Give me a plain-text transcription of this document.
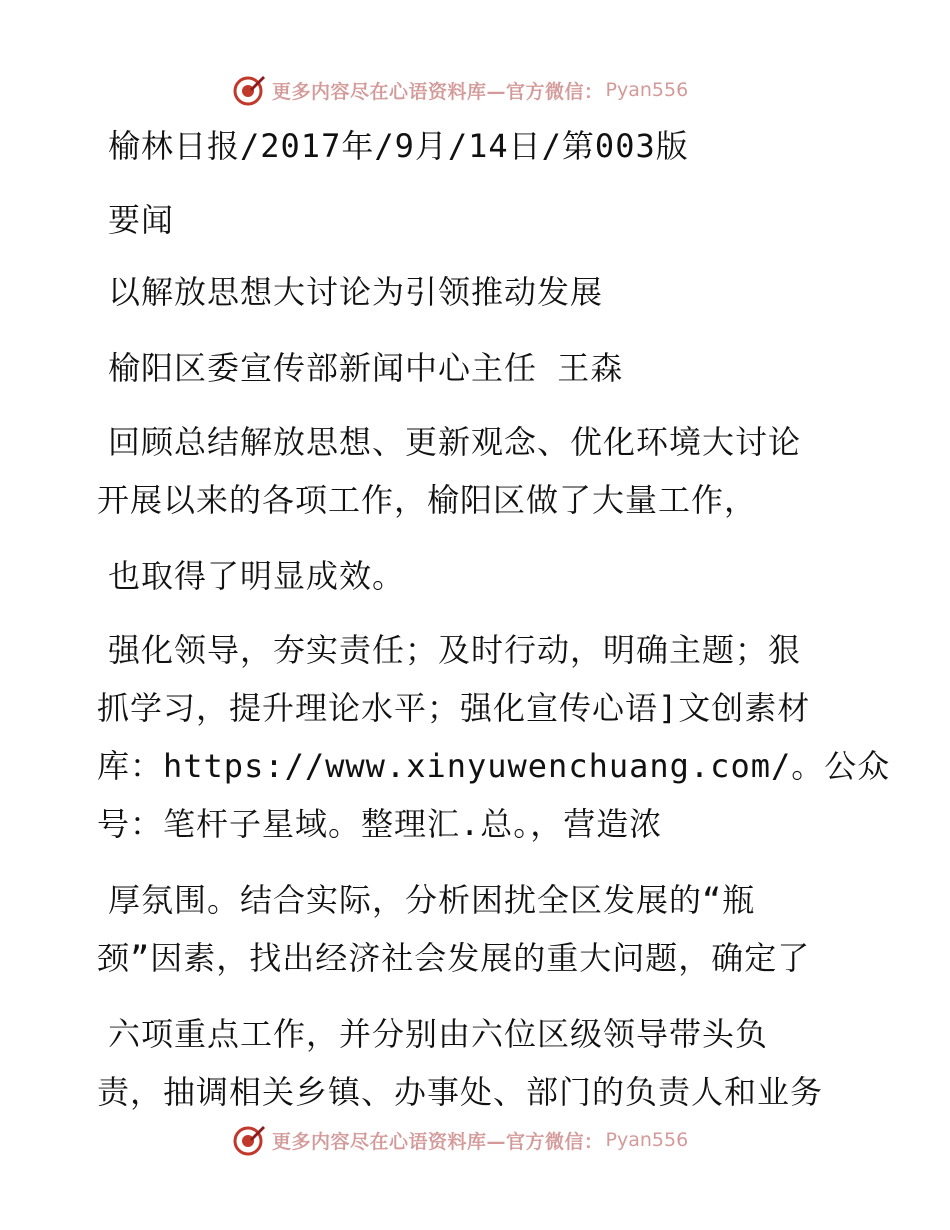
更多内容尽在心语资料库—官方微信： Pyan556
榆林日报/2017年/9月/14日/第003版
要闻
以解放思想大讨论为引领推动发展
榆阳区委宣传部新闻中心主任 王森
回顾总结解放思想、更新观念、优化环境大讨论
开展以来的各项工作，榆阳区做了大量工作，
也取得了明显成效。
强化领导，夯实责任；及时行动，明确主题；狠
抓学习，提升理论水平；强化宣传心语]文创素材
库：https://www.xinyuwenchuang.com/。公众
号：笔杆子星域。整理汇.总。，营造浓
厚氛围。结合实际，分析困扰全区发展的“瓶
颈”因素，找出经济社会发展的重大问题，确定了
六项重点工作，并分别由六位区级领导带头负
责，抽调相关乡镇、办事处、部门的负责人和业务
更多内容尽在心语资料库—官方微信： Pyan556
